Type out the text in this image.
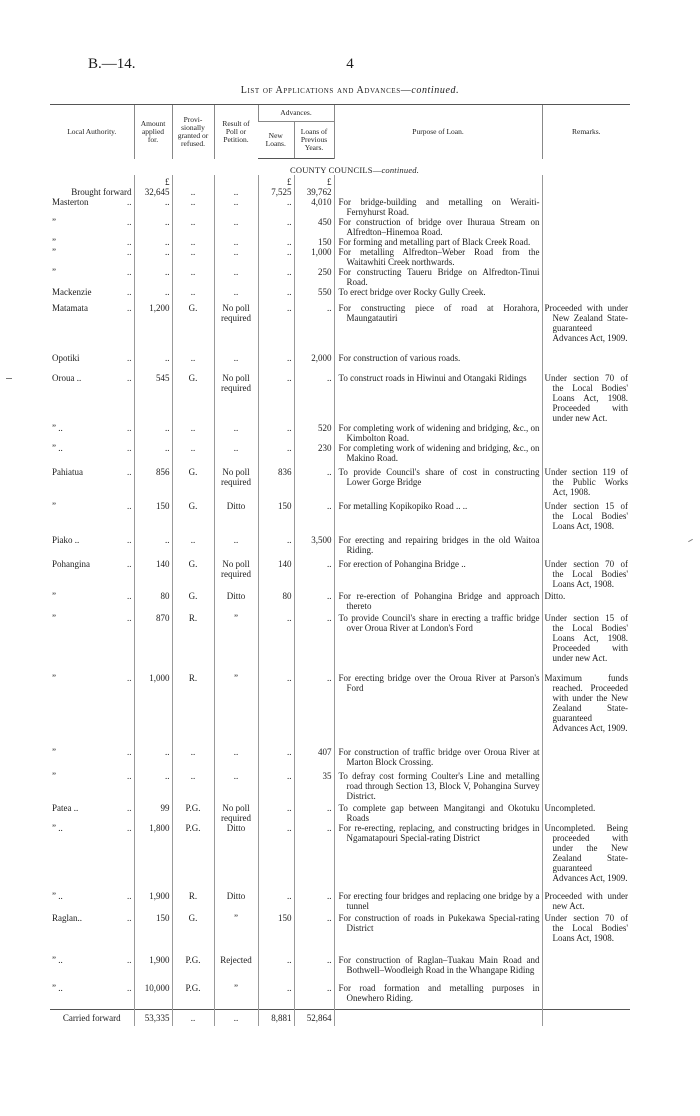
B.—14.	4
List of Applications and Advances—continued.
Local Authority.	Amount applied for.	Provi-sionally granted or refused.	Result of Poll or Petition.	Advances.		Purpose of Loan.	Remarks.
				New Loans.	Loans of Previous Years.		
				COUNTY COUNCILS—continued.			
	£			£	£		

Brought forward	32,645	..	..	7,525	39,762	

Masterton ..	..	..	..	..	4,010	For bridge-building and metalling on Weraiti-Fernyhurst Road.	

” ..	..	..	..	..	450	For construction of bridge over Ihuraua Stream on Alfredton–Hinemoa Road.	

” ..	..	..	..	..	150	For forming and metalling part of Black Creek Road.	

” ..	..	..	..	..	1,000	For metalling Alfredton–Weber Road from the Waitawhiti Creek northwards.	

” ..	..	..	..	..	250	For constructing Taueru Bridge on Alfredton-Tinui Road.	

Mackenzie ..	..	..	..	..	550	To erect bridge over Rocky Gully Creek.	

Matamata ..	1,200	G.	No poll required	..	..	For constructing piece of road at Horahora, Maungatautiri	Proceeded with under New Zealand State-guaranteed Advances Act, 1909.

Opotiki ..	..	..	..	..	2,000	For construction of various roads.	

Oroua .. ..	545	G.	No poll required	..	..	To construct roads in Hiwinui and Otangaki Ridings	Under section 70 of the Local Bodies' Loans Act, 1908. Proceeded with under new Act.

” .. ..	..	..	..	..	520	For completing work of widening and bridging, &c., on Kimbolton Road.	

” .. ..	..	..	..	..	230	For completing work of widening and bridging, &c., on Makino Road.	

Pahiatua ..	856	G.	No poll required	836	..	To provide Council's share of cost in constructing Lower Gorge Bridge	Under section 119 of the Public Works Act, 1908.

” ..	150	G.	Ditto	150	..	For metalling Kopikopiko Road .. ..	Under section 15 of the Local Bodies' Loans Act, 1908.

Piako .. ..	..	..	..	..	3,500	For erecting and repairing bridges in the old Waitoa Riding.	

Pohangina ..	140	G.	No poll required	140	..	For erection of Pohangina Bridge ..	Under section 70 of the Local Bodies' Loans Act, 1908.

” ..	80	G.	Ditto	80	..	For re-erection of Pohangina Bridge and approach thereto	Ditto.

” ..	870	R.	”	..	..	To provide Council's share in erecting a traffic bridge over Oroua River at London's Ford	Under section 15 of the Local Bodies' Loans Act, 1908. Proceeded with under new Act.

” ..	1,000	R.	”	..	..	For erecting bridge over the Oroua River at Parson's Ford	Maximum funds reached. Proceeded with under the New Zealand State-guaranteed Advances Act, 1909.

” ..	..	..	..	..	407	For construction of traffic bridge over Oroua River at Marton Block Crossing.	

” ..	..	..	..	..	35	To defray cost forming Coulter's Line and metalling road through Section 13, Block V, Pohangina Survey District.	

Patea .. ..	99	P.G.	No poll required	..	..	To complete gap between Mangitangi and Okotuku Roads	Uncompleted.

” .. ..	1,800	P.G.	Ditto	..	..	For re-erecting, replacing, and constructing bridges in Ngamatapouri Special-rating District	Uncompleted. Being proceeded with under the New Zealand State-guaranteed Advances Act, 1909.

” .. ..	1,900	R.	Ditto	..	..	For erecting four bridges and replacing one bridge by a tunnel	Proceeded with under new Act.

Raglan.. ..	150	G.	”	150	..	For construction of roads in Pukekawa Special-rating District	Under section 70 of the Local Bodies' Loans Act, 1908.

” .. ..	1,900	P.G.	Rejected	..	..	For construction of Raglan–Tuakau Main Road and Bothwell–Woodleigh Road in the Whangape Riding	

” .. ..	10,000	P.G.	”	..	..	For road formation and metalling purposes in Onewhero Riding.	

Carried forward	53,335	..	..	8,881	52,864		
